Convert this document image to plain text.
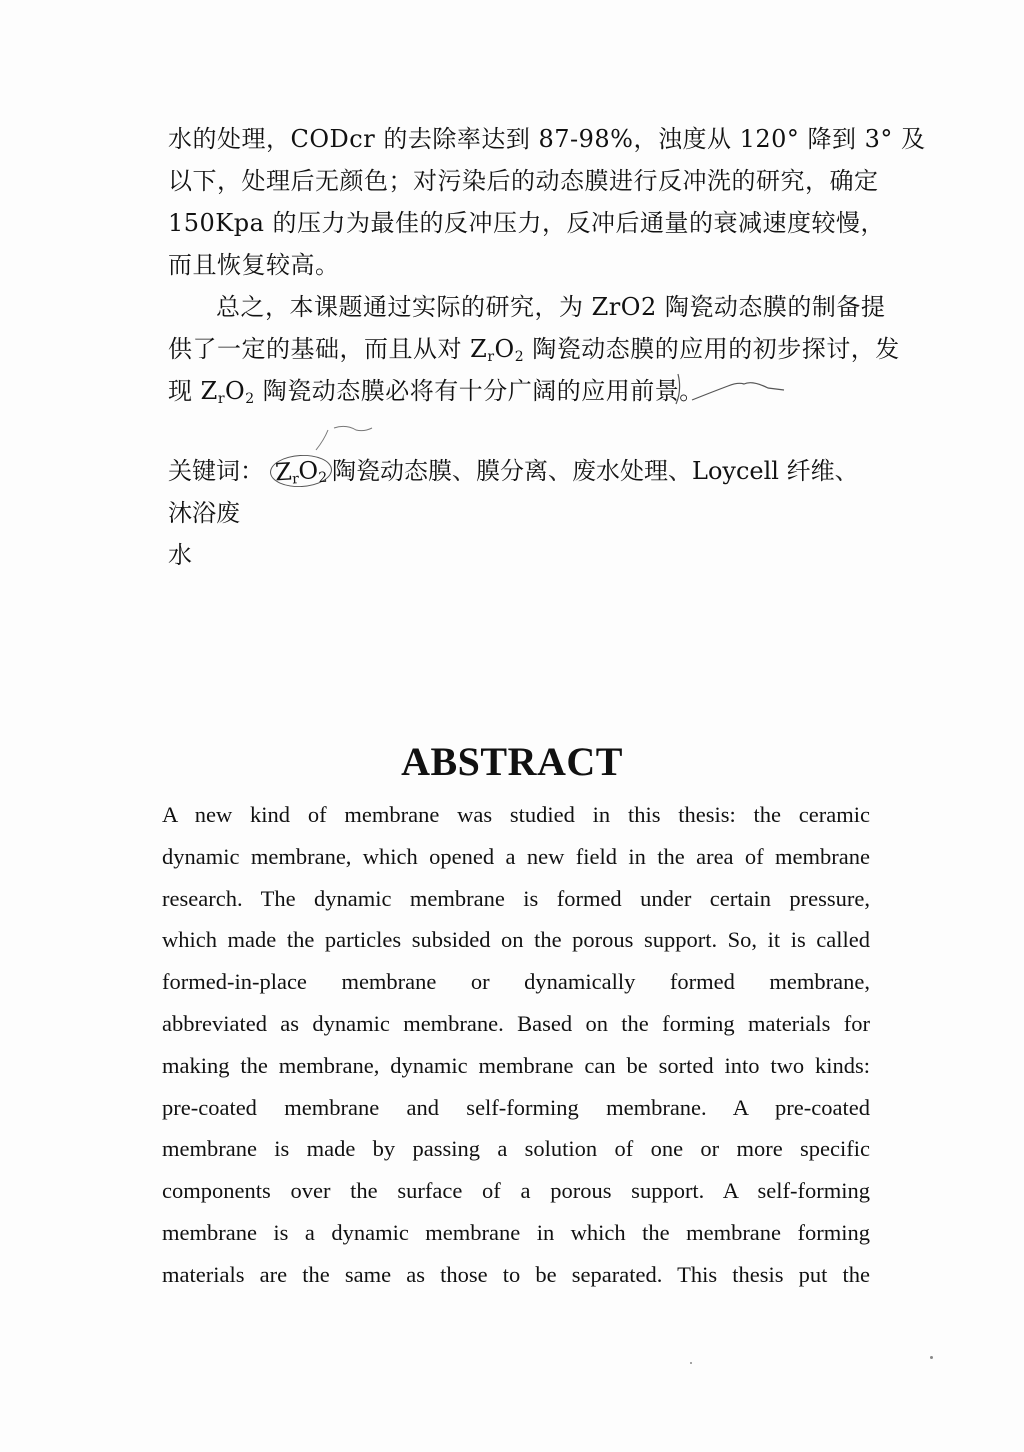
水的处理，CODcr 的去除率达到 87-98%，浊度从 120° 降到 3° 及
以下，处理后无颜色；对污染后的动态膜进行反冲洗的研究，确定
150Kpa 的压力为最佳的反冲压力，反冲后通量的衰减速度较慢，
而且恢复较高。
总之，本课题通过实际的研究，为 ZrO2 陶瓷动态膜的制备提
供了一定的基础，而且从对 $Z_rO_2$ 陶瓷动态膜的应用的初步探讨，发
现 $Z_rO_2$ 陶瓷动态膜必将有十分广阔的应用前景。
关键词： $Z_rO_2$ 陶瓷动态膜、膜分离、废水处理、Loycell 纤维、沐浴废
水
ABSTRACT
A new kind of membrane was studied in this thesis: the ceramic
dynamic membrane, which opened a new field in the area of membrane
research. The dynamic membrane is formed under certain pressure,
which made the particles subsided on the porous support. So, it is called
formed-in-place membrane or dynamically formed membrane,
abbreviated as dynamic membrane. Based on the forming materials for
making the membrane, dynamic membrane can be sorted into two kinds:
pre-coated membrane and self-forming membrane. A pre-coated
membrane is made by passing a solution of one or more specific
components over the surface of a porous support. A self-forming
membrane is a dynamic membrane in which the membrane forming
materials are the same as those to be separated. This thesis put the
